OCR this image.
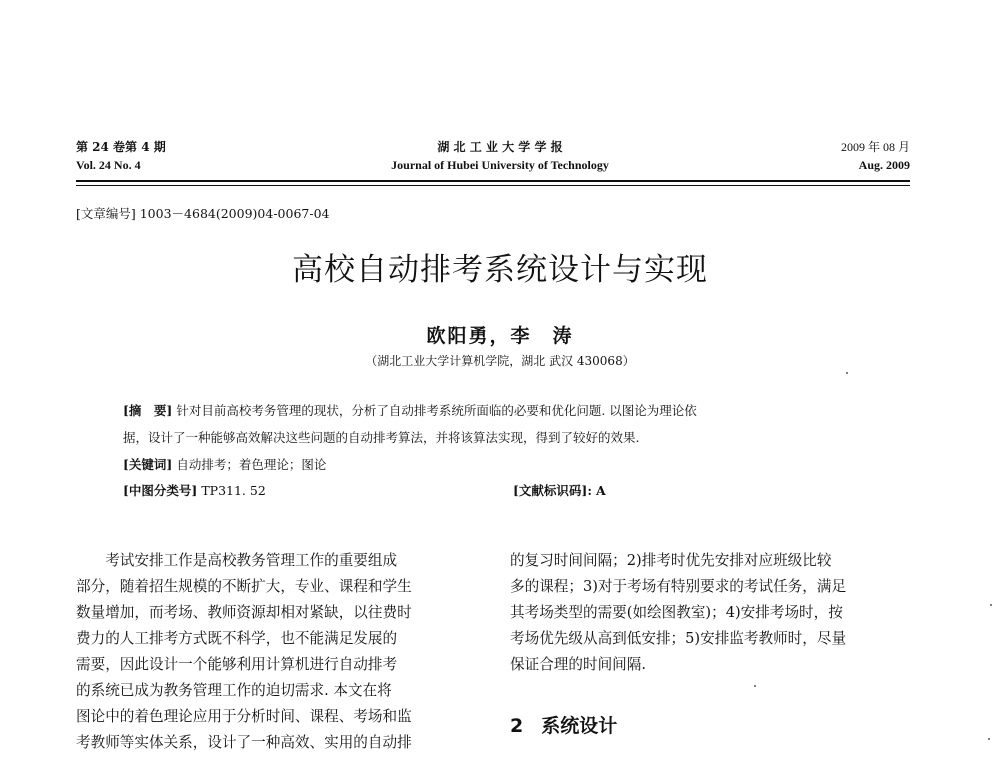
第 24 卷第 4 期
Vol. 24 No. 4
湖 北 工 业 大 学 学 报
Journal of Hubei University of Technology
2009 年 08 月
Aug. 2009
[文章编号] 1003－4684(2009)04-0067-04
高校自动排考系统设计与实现
欧阳勇，李　涛
（湖北工业大学计算机学院，湖北 武汉 430068）
[摘　要] 针对目前高校考务管理的现状，分析了自动排考系统所面临的必要和优化问题. 以图论为理论依
据，设计了一种能够高效解决这些问题的自动排考算法，并将该算法实现，得到了较好的效果.
[关键词] 自动排考；着色理论；图论
[中图分类号] TP311. 52	[文献标识码]: A

　　考试安排工作是高校教务管理工作的重要组成

部分，随着招生规模的不断扩大，专业、课程和学生

数量增加，而考场、教师资源却相对紧缺，以往费时

费力的人工排考方式既不科学，也不能满足发展的

需要，因此设计一个能够利用计算机进行自动排考

的系统已成为教务管理工作的迫切需求. 本文在将

图论中的着色理论应用于分析时间、课程、考场和监

考教师等实体关系，设计了一种高效、实用的自动排

的复习时间间隔；2)排考时优先安排对应班级比较

多的课程；3)对于考场有特别要求的考试任务，满足

其考场类型的需要(如绘图教室)；4)安排考场时，按

考场优先级从高到低安排；5)安排监考教师时，尽量

保证合理的时间间隔.

2 系统设计
